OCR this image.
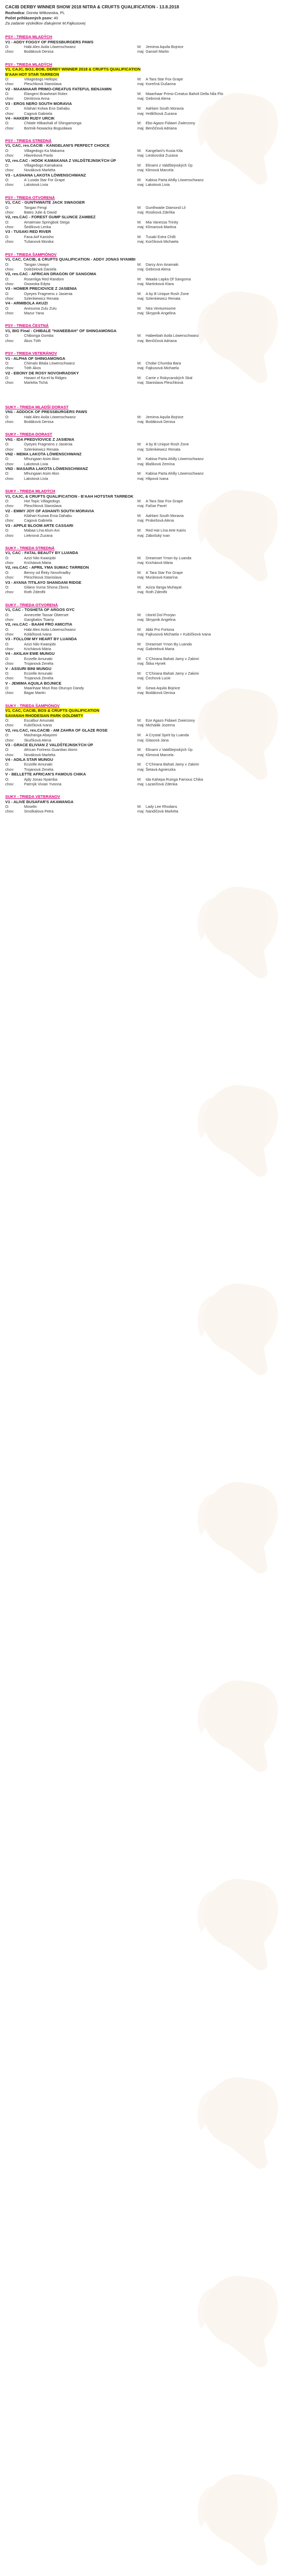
CACIB DERBY WINNER SHOW 2018 NITRA & CRUFTS QUALIFICATION - 13.8.2018
Rozhodca: Dorota Witkowska, PL
Počet prihlásených psov: 40
Za zadanie výsledkov ďakujeme M.Fajkusovej
PSY - TRIEDA MLADÝCH
V1 - ADDY FOGGY OF PRESSBURGERS PAWS
O:	Habi Alex Aoila Löwenschwanz	M:	Jemima Aquila Bojnice
chov:	Bodáková Denisa	maj: Gansel Martin
PSY - TRIEDA MLADÝCH
V1, CAJC, BOJ, BOB, DERBY WINNER 2018 & CRUFTS QUALIFICATION
B'AAH HOT STAR TARREON
O:	Villagedogs Hellopic	M:	A Tara Star Fox Grape
chov:	Pleschková Stanislava	maj: Korečná Dušanna
V2 - MAANHAAR PRIMO-CREATUS FATEFUL BENJAMIN
O:	Elangeni Brawheart Rolex	M:	Maanhaar Primo-Creatus Baholi Della Nila Flix
chov:	Dimitrova Anna	maj: Gebrová Alena
V3 - EROS NERO SOUTH MORAVIA
O:	Kilahari Kolwa Eno Dahabu	M:	Aahlam South Moravia
chov:	Cagová Gabriela	maj: Hrdličková Zuzana
V4 - HAKERI RUDY URCIK
O:	Chitale Hlibashali of Shingamonga	M:	Ebo Agazo Fidawri Zwierzony
chov:	Bortnik-Nowacka Bogusława	maj: Benčičová Adriana
PSY - TRIEDA STREDNÁ
V1, CAC, res.CACIB - KANGELANI'S PERFECT CHOICE
O:	Villagedogs Ka Makama	M:	Kangelani's Kusia Kila
chov:	Hlavinková Pavla	maj: Lieskovská Zuzana
V2, res.CAC - HOOK KAMAKANA Z VALDŠTEJNSKÝCH ÚP
O:	Villagedogs Kamakana	M:	Elinami z Valdštejnských Úp
chov:	Nováková Markéta	maj: Klimová Marcela
V3 - LASHANA LAKOTA LÖWENSCHWANZ
O:	A´Lusida Star For Grape	M:	Kabisa Parta Ahilly Löwenschwanz
chov:	Lakotová Livia	maj: Lakotová Livia
PSY - TRIEDA OTVORENÁ
V1, CAC - GUNTHWAITE JACK SWAGGER
O:	Tangan Fengi	M:	Gunthwaite Diamond Lil
chov:	Bates Julie & David	maj: Rosíková Zdeňka
V2, res.CAC - FOREST GUMP SLUNCE ZAMBEZ
O:	Amatmaw Springbok Stega	M:	Mia Vanessa Trinity
chov:	Šedíková Lenka	maj: Klímarová Martina
V3 - TUSAKI RED RIVER
O:	Fana Arif Kanisho	M:	Tusaki Extra Chilli
chov:	Tušanová Monika	maj: Korčíková Michaela
PSY - TRIEDA ŠAMPIÓNOV
V1, CAC, CACIB, & CRUFTS QUALIFICATION - ADDY JONAS NYAMBI
O:	Tangan Uwayo	M:	Darcy Ann Anamaki
chov:	Doleželová Daniela	maj: Gebrová Alena
V2, res.CAC - AFRICAN DRAGON OF SANGOMA
O:	Rosenliga Red Random	M:	Waada Lapka Of Sangoma
chov:	Osowska Edyta	maj: Martinková Klara
V3 - HOMER PRECIOVICE Z JASIENIA
O:	Oyeyes Fragmens z Jasienia	M:	A by B Unique Rosh Zone
chov:	Szlenkiewicz Renata	maj: Szlenkiewicz Renata
V4 - ARMIBOLA AKUZI
O:	Anesuma Zulu Zulu	M:	Nira Venturesome
chov:	Mazur Yana	maj: Skrypnik Angelina
PSY - TRIEDA ČESTNÁ
V1, BIG Final - CHIBALE "HANEEBAH" OF SHINGAMONGA
O:	Chibonga Gomba	M:	Habeebah Aoila Löwenschwanz
chov:	Ákos Tóth	maj: Benčičová Adriana
PSY - TRIEDA VETERÁNOV
V1 - ALPHA OF SHINGAMONGA
O:	Chimalo Bitala Löwenschwanz	M:	Chobe Chumba Bara
chov:	Tóth Ákos	maj: Fajkusová Michaela
V2 - EBONY DE ROSY NOVOHRADSKY
O:	Hasani of Ka-el-la Ridges	M:	Carrie z Rokycanských Skal
chov:	Markéta Tichá	maj: Stanislava Pleschková
SUKY - TRIEDA MLADŠÍ DORAST
VN1 - ADDOCK OF PRESSBURGERS PAWS
O:	Habi Alex Aoila Löwenschwanz	M:	Jemima Aquila Bojnice
chov:	Bodáková Denisa	maj: Bodáková Denisa
SUKY - TRIEDA DORAST
VN1 - IDA PREDVÍOVICE Z JASIENIA
O:	Oyeyes Fragmens z Jasienia	M:	A by B Unique Rosh Zone
chov:	Szlenkiewicz Renata	maj: Szlenkiewicz Renata
VN2 - MEMA LAKOTA LÖWENSCHWANZ
O:	Mhungaan Asim Alon	M:	Kabisa Parta Ahilly Löwenschwanz
chov:	Lakotová Livia	maj: Blašková Zemína
VN3 - MASAIRA LAKOTA LÖWENSCHWANZ
O:	Mhungaan Asim Alon	M:	Kabisa Parta Ahilly Löwenschwanz
chov:	Lakotová Livia	maj: Hlipová Ivana
SUKY - TRIEDA MLADÝCH
V1, CAJC, & CRUFTS QUALIFICATION - B'AAH HOTSTAR TARREOK
O:	Hot Topic Villagedogs	M:	A Tara Star Fox Grape
chov:	Pleschková Stanislava	maj: Fačiar Pavel
V2 - EMMY JOY OF ASHANTI SOUTH MORAVIA
O:	Kilahari Kuzwa Eroa Dahabu	M:	Aahlam South Moravia
chov:	Cagová Gabriela	maj: Prokešová Alena
V3 - APPLE BLOOM ARTE CASSARI
O:	Mabaa Lína Alum Ani	M:	Red Hat Lína Arte Kairis
chov:	Lieknová Zuzana	maj: Zábošský Ivan
SUKY - TRIEDA STREDNÁ
V1, CAC - FATAL BEAUTY BY LUANDA
O:	Azizi Nilo Kwanjobi	M:	Dreamset Ymon by Luanda
chov:	Kricháová Mária	maj: Kricháová Mária
V2, res.CAC - APRIL YMA SUMAC TARREON
O:	Benny od Řeky Novohradky	M:	A´Tara Star For Grape
chov:	Pleschková Stanislava	maj: Muránová Katarína
V3 - AYANA TITILAYO SHANGANI RIDGE
O:	Gilano Vuma Shona Zbora	M:	Aziza Ilanga Muhayat
chov:	Roth Zdeněk	maj: Roth Zdeněk
SUKY - TRIEDA OTVORENÁ
V1, CAC - TOSHETA OF ARGOS GYC
O:	Annecette Tassar Obterset	M:	Utorid Dol Prorjan
chov:	Gangbalov Tsamy	maj: Skrypnik Angelina
V2, res.CAC - BAAHI PRO AMICITIA
O:	Habi Alex Aoila Löwenschwanz	M:	Abbi Pro Fortona
chov:	Koláčková Ivana	maj: Fajkusová Michaela + Kubíčková Ivana
V3 - FOLLOW MY HEART BY LUANDA
O:	Azizi Nilo Kwanjobi	M:	Dreamset Ymon By Luanda
chov:	Kricháová Mária	maj: Gabrielová Maria
V4 - AKILAH EWE MUNGU
O:	Ecizelle Amunaki	M:	C'Chirana Bahati Jamy v Zakimi
chov:	Trojanová Zenéta	maj: Štika Hynek
V - ASSURI BINI MUNGU
O:	Ecizelle Amunaki	M:	C'Chirana Bahati Jamy v Zakimi
chov:	Trojanová Zenéta	maj: Čechová Lucie
V - JEMIMA AQUILA BOJNICE
O:	Maanhaar Mozi Ras Oturuyo Dandy	M:	Gewa Aquila Bojnice
chov:	Bagar Martin	maj: Bodáková Denisa
SUKY - TRIEDA ŠAMPIÓNOV
V1, CAC, CACIB, BOS & CRUFTS QUALIFICATION
SAVANAH RHODESIAN PARK GOLDMITY
O:	Escalbur Amunaki	M:	Eze Agazo Fidawri Zwierzony
chov:	Kubíčková Ivana	maj: Michalák Jozerna
V2, res.CAC, res.CACIB - AM ZAHRA OF GLAZE ROSE
O:	Mashanga Abayomi	M:	A Crystal Spirit by Luanda
chov:	Skuříková Alena	maj: Glasová Jana
V3 - GRACE ELIVIAN Z VALDŠTEJNSKÝCH ÚP
O:	African Fortress Guardian Alomi	M:	Elinami z Valdštejnských Úp
chov:	Nováková Markéta	maj: Klimová Marcela
V4 - ADILA STAR MUNGU
O:	Ecizelle Amunaki	M:	C'Chirana Bahati Jamy v Zakimi
chov:	Trojanová Zenéta	maj: Šetavá Agnieszka
V - BELLETTE AFRICAN'S FAMOUS CHIKA
O:	Ajdy Jonas Nyamba	M:	Ida Kahepa Ruinga Famous Chika
chov:	Patrnýk Vivian Yvonna	maj: Lazaričová Zdenka
SUKY - TRIEDA VETERÁNOV
V1 - ALIVE BUSAFAR'S AKAWANGA
O:	Moselin	M:	Lady Lee Rhodans
chov:	Smolkalova Petra	maj: Nandíčová Markéta
